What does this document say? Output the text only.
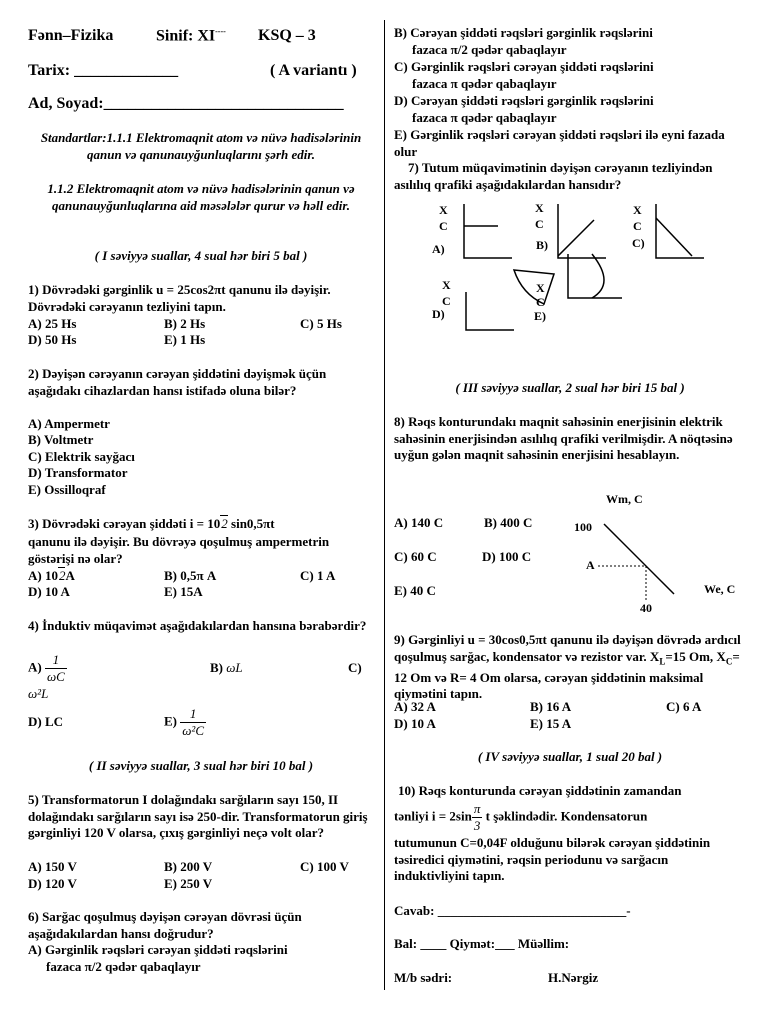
Fənn–Fizika	Sinif: XI---- KSQ – 3
Tarix: _____________	( A variantı )
Ad, Soyad:______________________________
Standartlar:1.1.1 Elektromaqnit atom və nüvə hadisələrinin qanun və qanunauyğunluqlarını şərh edir.
1.1.2 Elektromaqnit atom və nüvə hadisələrinin qanun və qanunauyğunluqlarına aid məsələlər qurur və həll edir.
( I səviyyə suallar, 4 sual hər biri 5 bal )
1) Dövrədəki gərginlik u = 25cos2πt qanunu ilə dəyişir. Dövrədəki cərəyanın tezliyini tapın.
A) 25 Hs	B) 2 Hs	C) 5 Hs
D) 50 Hs	E) 1 Hs
2) Dəyişən cərəyanın cərəyan şiddətini dəyişmək üçün aşağıdakı cihazlardan hansı istifadə oluna bilər?
A) Ampermetr
B) Voltmetr
C) Elektrik sayğacı
D) Transformator
E) Ossilloqraf
3) Dövrədəki cərəyan şiddəti i = 102 sin0,5πt
qanunu ilə dəyişir. Bu dövrəyə qoşulmuş ampermetrin göstərişi nə olar?
A) 102A	B) 0,5π A	C) 1 A
D) 10 A	E) 15A
4) İnduktiv müqavimət aşağıdakılardan hansına bərabərdir?
$A) \frac{1}{\omega C}$	B) ωL	C)
ω²L
D) LC	$E) \frac{1}{\text{ω²C}}$
( II səviyyə suallar, 3 sual hər biri 10 bal )
5) Transformatorun I dolağındakı sarğıların sayı 150, II dolağındakı sarğıların sayı isə 250-dir. Transformatorun giriş gərginliyi 120 V olarsa, çıxış gərginliyi neçə volt olar?
A) 150 V	B) 200 V	C) 100 V
D) 120 V	E) 250 V
6) Sarğac qoşulmuş dəyişən cərəyan dövrəsi üçün aşağıdakılardan hansı doğrudur?
A) Gərginlik rəqsləri cərəyan şiddəti rəqslərini
fazaca π/2 qədər qabaqlayır
B) Cərəyan şiddəti rəqsləri gərginlik rəqslərini
fazaca π/2 qədər qabaqlayır
C) Gərginlik rəqsləri cərəyan şiddəti rəqslərini
fazaca π qədər qabaqlayır
D) Cərəyan şiddəti rəqsləri gərginlik rəqslərini
fazaca π qədər qabaqlayır
E) Gərginlik rəqsləri cərəyan şiddəti rəqsləri ilə eyni fazada olur
7) Tutum müqavimətinin dəyişən cərəyanın tezliyindən asılılıq qrafiki aşağıdakılardan hansıdır?
X
C
A)
X
C
B)
X
C
C)
X
C
D)
X
C
E)
( III səviyyə suallar, 2 sual hər biri 15 bal )
8) Rəqs konturundakı maqnit sahəsinin enerjisinin elektrik sahəsinin enerjisindən asılılıq qrafiki verilmişdir. A nöqtəsinə uyğun gələn maqnit sahəsinin enerjisini hesablayın.
A) 140 C	B) 400 C
C) 60 C	D) 100 C
E) 40 C
Wm, C
100
A
40
We, C
9) Gərginliyi u = 30cos0,5πt qanunu ilə dəyişən dövrədə ardıcıl qoşulmuş sarğac, kondensator və rezistor var. $X_L=15$ Om, $X_C= 12$ Om və R= 4 Om olarsa, cərəyan şiddətinin maksimal qiymətini tapın.
A) 32 A	B) 16 A	C) 6 A
D) 10 A	E) 15 A
( IV səviyyə suallar, 1 sual 20 bal )
10) Rəqs konturunda cərəyan şiddətinin zamandan
tənliyi $i = 2\sin \frac{\pi}{3}$ t şəklindədir. Kondensatorun
tutumunun C=0,04F olduğunu bilərək cərəyan şiddətinin təsiredici qiymətini, rəqsin periodunu və sarğacın induktivliyini tapın.
Cavab: _____________________________-
Bal: ____ Qiymət:___ Müəllim:
M/b sədri:	H.Nərgiz
